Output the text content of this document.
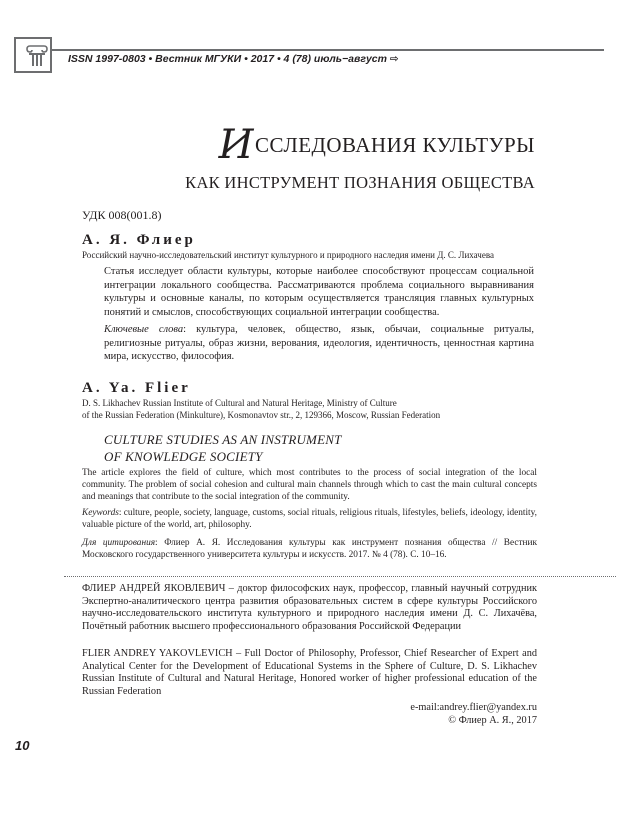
ISSN 1997-0803 • Вестник МГУКИ • 2017 • 4 (78) июль−август ⇨
ИССЛЕДОВАНИЯ КУЛЬТУРЫ
КАК ИНСТРУМЕНТ ПОЗНАНИЯ ОБЩЕСТВА
УДК 008(001.8)
А. Я. Флиер
Российский научно-исследовательский институт культурного и природного наследия имени Д. С. Лихачева
Статья исследует области культуры, которые наиболее способствуют процессам социальной интеграции локального сообщества. Рассматриваются проблема социального выравнивания культуры и основные каналы, по которым осуществляется трансляция главных культурных понятий и смыслов, способствующих социальной интеграции сообщества.
Ключевые слова: культура, человек, общество, язык, обычаи, социальные ритуалы, религиозные ритуалы, образ жизни, верования, идеология, идентичность, ценностная картина мира, искусство, философия.
A. Ya. Flier
D. S. Likhachev Russian Institute of Cultural and Natural Heritage, Ministry of Culture
of the Russian Federation (Minkulture), Kosmonavtov str., 2, 129366, Moscow, Russian Federation
CULTURE STUDIES AS AN INSTRUMENT
OF KNOWLEDGE SOCIETY
The article explores the field of culture, which most contributes to the process of social integration of the local community. The problem of social cohesion and cultural main channels through which to cast the main cultural concepts and meanings that contribute to the social integration of the community.
Keywords: culture, people, society, language, customs, social rituals, religious rituals, lifestyles, beliefs, ideology, identity, valuable picture of the world, art, philosophy.
Для цитирования: Флиер А. Я. Исследования культуры как инструмент познания общества // Вестник Московского государственного университета культуры и искусств. 2017. № 4 (78). С. 10–16.
ФЛИЕР АНДРЕЙ ЯКОВЛЕВИЧ – доктор философских наук, профессор, главный научный сотрудник Экспертно-аналитического центра развития образовательных систем в сфере культуры Российского научно-исследовательского института культурного и природного наследия имени Д. С. Лихачёва, Почётный работник высшего профессионального образования Российской Федерации
FLIER ANDREY YAKOVLEVICH – Full Doctor of Philosophy, Professor, Chief Researcher of Expert and Analytical Center for the Development of Educational Systems in the Sphere of Culture, D. S. Likhachev Russian Institute of Cultural and Natural Heritage, Honored worker of higher professional education of the Russian Federation
e-mail:andrey.flier@yandex.ru
© Флиер А. Я., 2017
10
